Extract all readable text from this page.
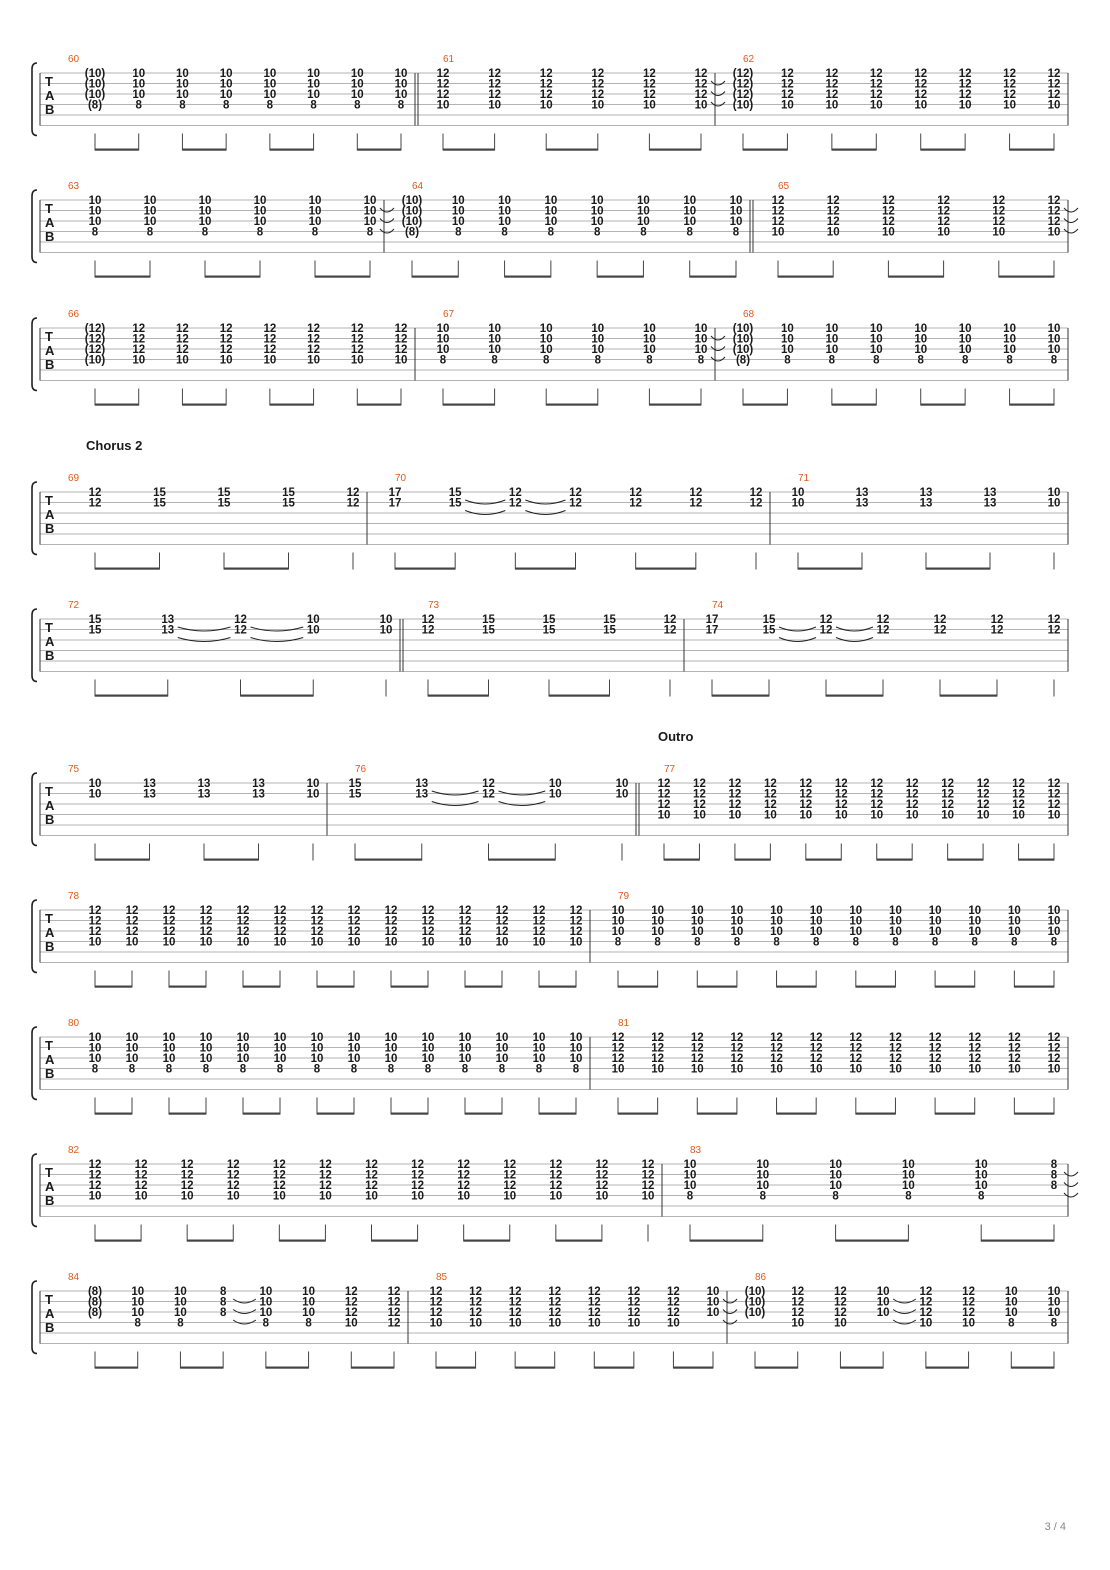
T
A
B
60
(10)
(10)
(10)
(8)
10
10
10
8
10
10
10
8
10
10
10
8
10
10
10
8
10
10
10
8
10
10
10
8
10
10
10
8
61
12
12
12
10
12
12
12
10
12
12
12
10
12
12
12
10
12
12
12
10
12
12
12
10
62
(12)
(12)
(12)
(10)
12
12
12
10
12
12
12
10
12
12
12
10
12
12
12
10
12
12
12
10
12
12
12
10
12
12
12
10
T
A
B
63
10
10
10
8
10
10
10
8
10
10
10
8
10
10
10
8
10
10
10
8
10
10
10
8
64
(10)
(10)
(10)
(8)
10
10
10
8
10
10
10
8
10
10
10
8
10
10
10
8
10
10
10
8
10
10
10
8
10
10
10
8
65
12
12
12
10
12
12
12
10
12
12
12
10
12
12
12
10
12
12
12
10
12
12
12
10
T
A
B
66
(12)
(12)
(12)
(10)
12
12
12
10
12
12
12
10
12
12
12
10
12
12
12
10
12
12
12
10
12
12
12
10
12
12
12
10
67
10
10
10
8
10
10
10
8
10
10
10
8
10
10
10
8
10
10
10
8
10
10
10
8
68
(10)
(10)
(10)
(8)
10
10
10
8
10
10
10
8
10
10
10
8
10
10
10
8
10
10
10
8
10
10
10
8
10
10
10
8
T
A
B
69
12
12
15
15
15
15
15
15
12
12
70
17
17
15
15
12
12
12
12
12
12
12
12
12
12
71
10
10
13
13
13
13
13
13
10
10
T
A
B
72
15
15
13
13
12
12
10
10
10
10
73
12
12
15
15
15
15
15
15
12
12
74
17
17
15
15
12
12
12
12
12
12
12
12
12
12
T
A
B
75
10
10
13
13
13
13
13
13
10
10
76
15
15
13
13
12
12
10
10
10
10
77
12
12
12
10
12
12
12
10
12
12
12
10
12
12
12
10
12
12
12
10
12
12
12
10
12
12
12
10
12
12
12
10
12
12
12
10
12
12
12
10
12
12
12
10
12
12
12
10
T
A
B
78
12
12
12
10
12
12
12
10
12
12
12
10
12
12
12
10
12
12
12
10
12
12
12
10
12
12
12
10
12
12
12
10
12
12
12
10
12
12
12
10
12
12
12
10
12
12
12
10
12
12
12
10
12
12
12
10
79
10
10
10
8
10
10
10
8
10
10
10
8
10
10
10
8
10
10
10
8
10
10
10
8
10
10
10
8
10
10
10
8
10
10
10
8
10
10
10
8
10
10
10
8
10
10
10
8
T
A
B
80
10
10
10
8
10
10
10
8
10
10
10
8
10
10
10
8
10
10
10
8
10
10
10
8
10
10
10
8
10
10
10
8
10
10
10
8
10
10
10
8
10
10
10
8
10
10
10
8
10
10
10
8
10
10
10
8
81
12
12
12
10
12
12
12
10
12
12
12
10
12
12
12
10
12
12
12
10
12
12
12
10
12
12
12
10
12
12
12
10
12
12
12
10
12
12
12
10
12
12
12
10
12
12
12
10
T
A
B
82
12
12
12
10
12
12
12
10
12
12
12
10
12
12
12
10
12
12
12
10
12
12
12
10
12
12
12
10
12
12
12
10
12
12
12
10
12
12
12
10
12
12
12
10
12
12
12
10
12
12
12
10
83
10
10
10
8
10
10
10
8
10
10
10
8
10
10
10
8
10
10
10
8
8
8
8
T
A
B
84
(8)
(8)
(8)
10
10
10
8
10
10
10
8
8
8
8
10
10
10
8
10
10
10
8
12
12
12
10
12
12
12
12
85
12
12
12
10
12
12
12
10
12
12
12
10
12
12
12
10
12
12
12
10
12
12
12
10
12
12
12
10
10
10
10
86
(10)
(10)
(10)
12
12
12
10
12
12
12
10
10
10
10
12
12
12
10
12
12
12
10
10
10
10
8
10
10
10
8
Chorus 2
Outro
3 / 4
